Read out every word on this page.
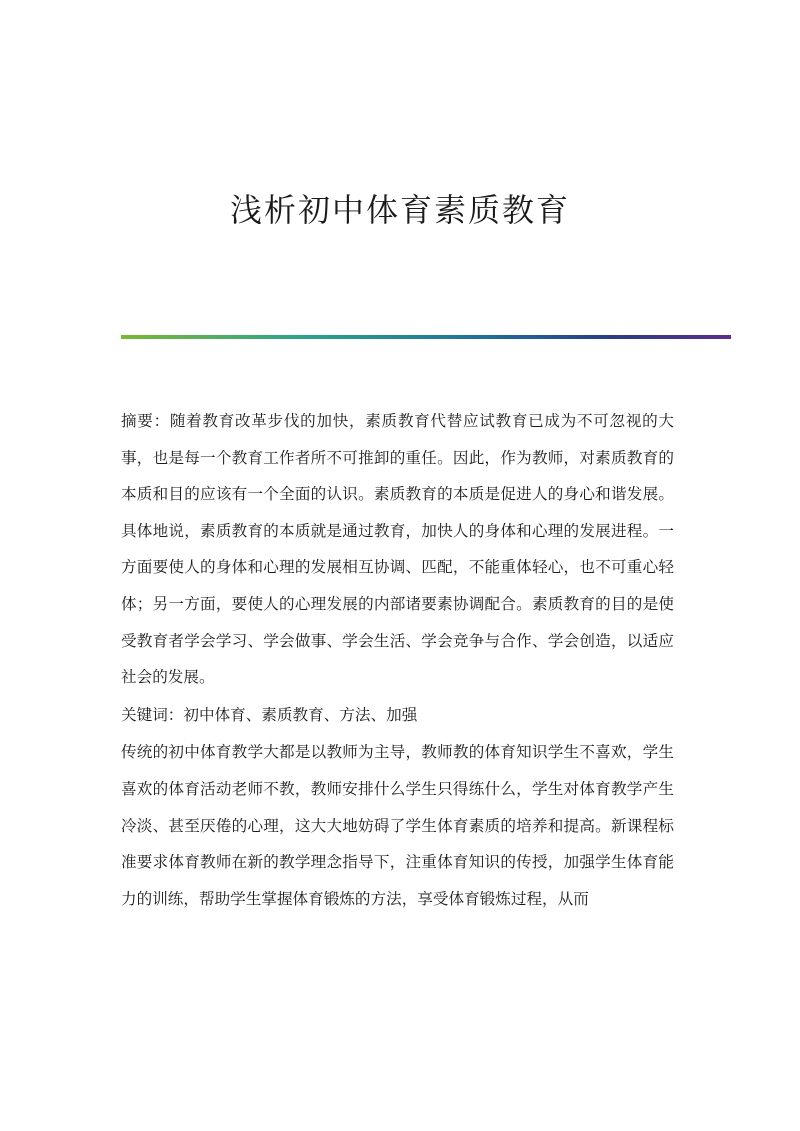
浅析初中体育素质教育

摘要：随着教育改革步伐的加快，素质教育代替应试教育已成为不可忽视的大事，也是每一个教育工作者所不可推卸的重任。因此，作为教师，对素质教育的本质和目的应该有一个全面的认识。素质教育的本质是促进人的身心和谐发展。具体地说，素质教育的本质就是通过教育，加快人的身体和心理的发展进程。一方面要使人的身体和心理的发展相互协调、匹配，不能重体轻心，也不可重心轻体；另一方面，要使人的心理发展的内部诸要素协调配合。素质教育的目的是使受教育者学会学习、学会做事、学会生活、学会竞争与合作、学会创造，以适应社会的发展。

关键词：初中体育、素质教育、方法、加强

传统的初中体育教学大都是以教师为主导，教师教的体育知识学生不喜欢，学生喜欢的体育活动老师不教，教师安排什么学生只得练什么，学生对体育教学产生冷淡、甚至厌倦的心理，这大大地妨碍了学生体育素质的培养和提高。新课程标准要求体育教师在新的教学理念指导下，注重体育知识的传授，加强学生体育能力的训练，帮助学生掌握体育锻炼的方法，享受体育锻炼过程，从而
